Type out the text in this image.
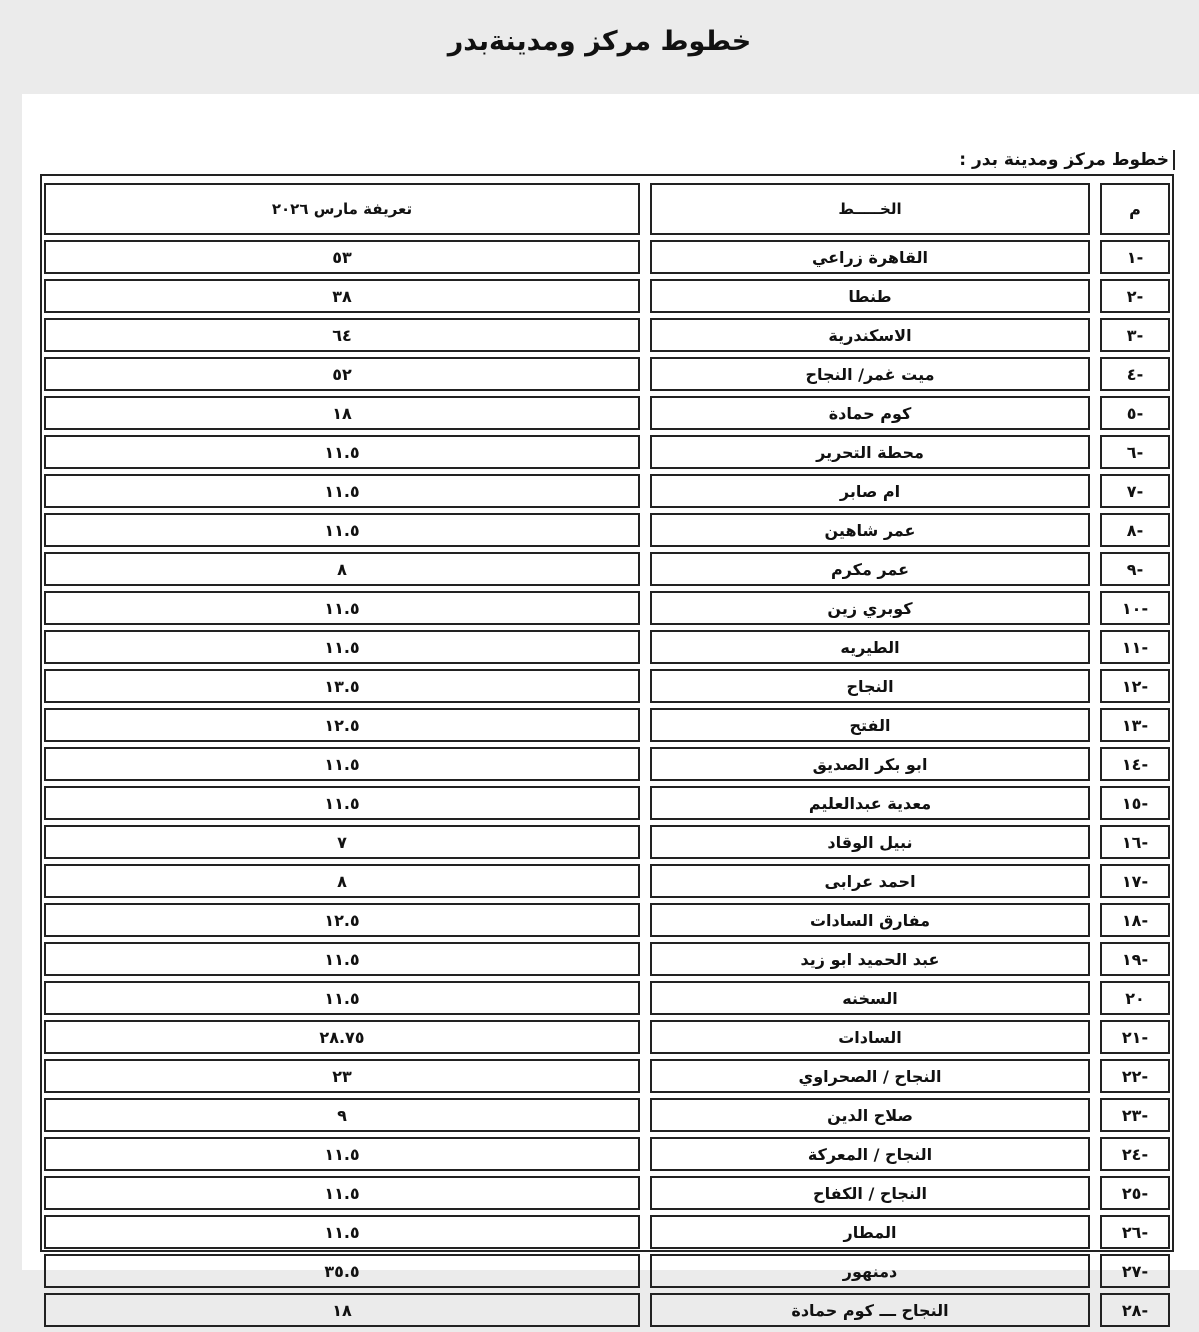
خطوط مركز ومدينةبدر
خطوط مركز ومدينة بدر :
م		الخـــــط		تعريفة مارس ٢٠٢٦
-١		القاهرة زراعي		٥٣
-٢		طنطا		٣٨
-٣		الاسكندرية		٦٤
-٤		ميت غمر/ النجاح		٥٢
-٥		كوم حمادة		١٨
-٦		محطة التحرير		١١.٥
-٧		ام صابر		١١.٥
-٨		عمر شاهين		١١.٥
-٩		عمر مكرم		٨
-١٠		كوبري زين		١١.٥
-١١		الطيريه		١١.٥
-١٢		النجاح		١٣.٥
-١٣		الفتح		١٢.٥
-١٤		ابو بكر الصديق		١١.٥
-١٥		معدية عبدالعليم		١١.٥
-١٦		نبيل الوقاد		٧
-١٧		احمد عرابى		٨
-١٨		مفارق السادات		١٢.٥
-١٩		عبد الحميد ابو زيد		١١.٥
٢٠		السخنه		١١.٥
-٢١		السادات		٢٨.٧٥
-٢٢		النجاح / الصحراوي		٢٣
-٢٣		صلاح الدين		٩
-٢٤		النجاح / المعركة		١١.٥
-٢٥		النجاح / الكفاح		١١.٥
-٢٦		المطار		١١.٥
-٢٧		دمنهور		٣٥.٥
-٢٨		النجاح ـــ كوم حمادة		١٨
